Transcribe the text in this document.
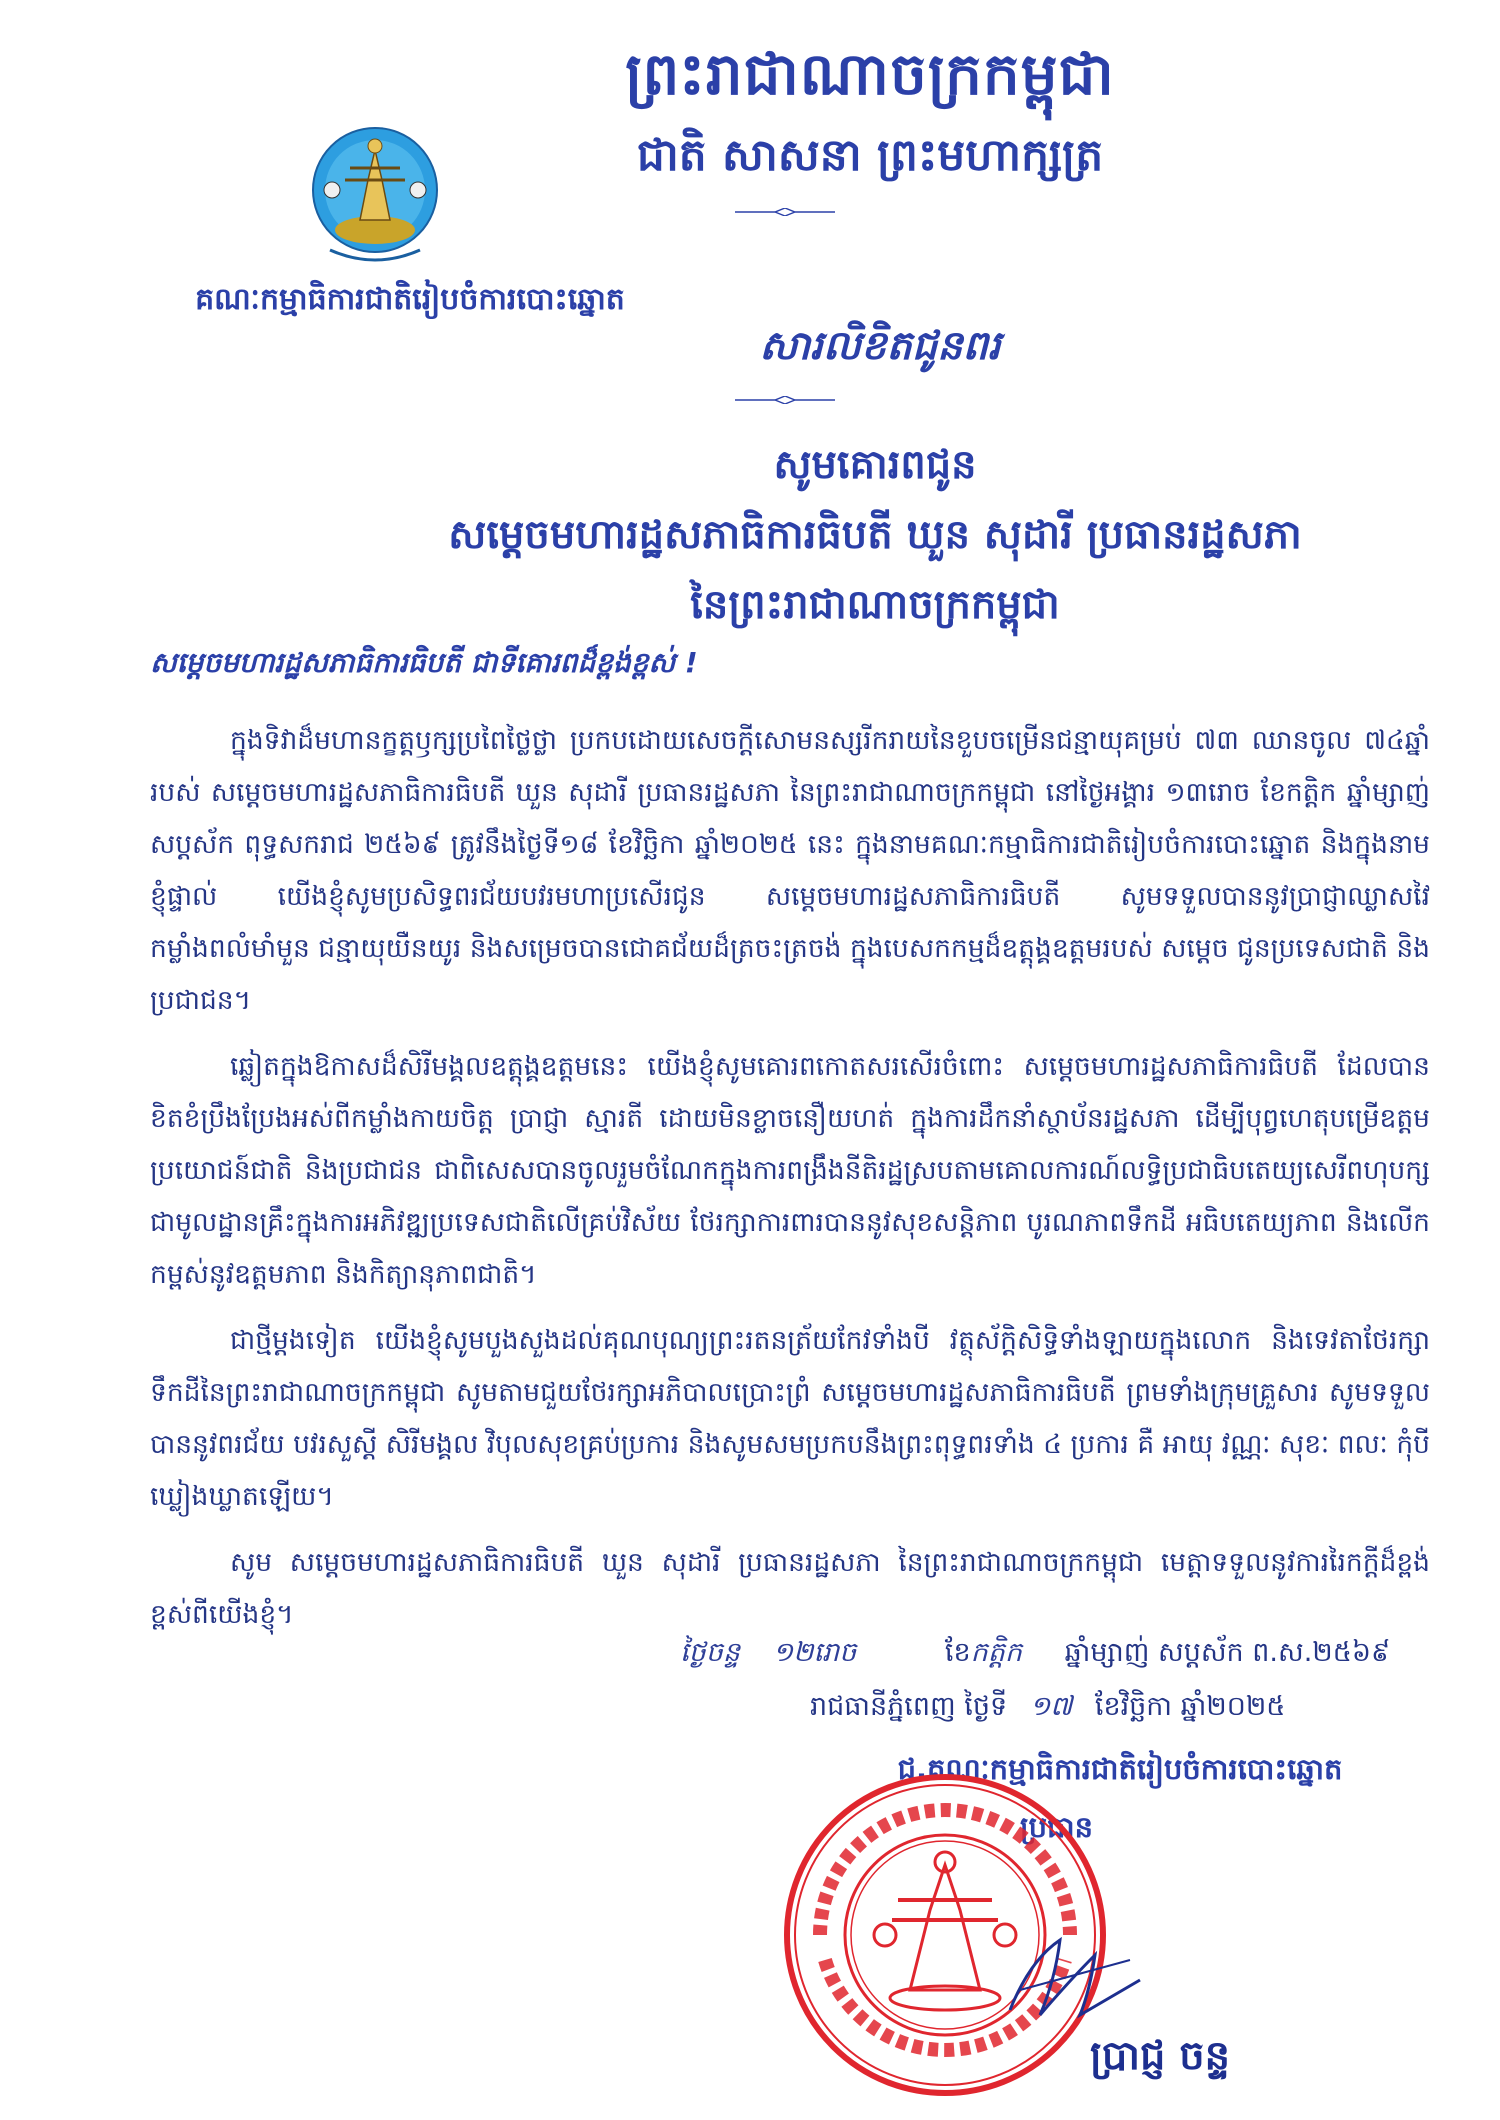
ព្រះរាជាណាចក្រកម្ពុជា
ជាតិ សាសនា ព្រះមហាក្សត្រ
គណៈកម្មាធិការជាតិរៀបចំការបោះឆ្នោត
សារលិខិតជូនពរ
សូមគោរពជូន
សម្តេចមហារដ្ឋសភាធិការធិបតី ឃួន សុដារី ប្រធានរដ្ឋសភា
នៃព្រះរាជាណាចក្រកម្ពុជា
សម្តេចមហារដ្ឋសភាធិការធិបតី ជាទីគោរពដ៏ខ្ពង់ខ្ពស់ !

ក្នុងទិវាដ៏មហានក្ខត្តឫក្សប្រពៃថ្លៃថ្លា ប្រកបដោយសេចក្តីសោមនស្សរីករាយនៃខួបចម្រើនជន្មាយុគម្រប់ ៧៣ ឈានចូល ៧៤ឆ្នាំ របស់ សម្តេចមហារដ្ឋសភាធិការធិបតី ឃួន សុដារី ប្រធានរដ្ឋសភា នៃព្រះរាជាណាចក្រកម្ពុជា នៅថ្ងៃអង្គារ ១៣រោច ខែកត្តិក ឆ្នាំម្សាញ់ សប្តស័ក ពុទ្ធសករាជ ២៥៦៩ ត្រូវនឹងថ្ងៃទី១៨ ខែវិច្ឆិកា ឆ្នាំ២០២៥ នេះ ក្នុងនាមគណៈកម្មាធិការជាតិរៀបចំការបោះឆ្នោត និងក្នុងនាមខ្ញុំផ្ទាល់ យើងខ្ញុំសូមប្រសិទ្ធពរជ័យបវរមហាប្រសើរជូន សម្តេចមហារដ្ឋសភាធិការធិបតី សូមទទួលបាននូវប្រាជ្ញាឈ្លាសវៃ កម្លាំងពលំមាំមួន ជន្មាយុយឺនយូរ និងសម្រេចបានជោគជ័យដ៏ត្រចះត្រចង់ ក្នុងបេសកកម្មដ៏ឧត្តុង្គឧត្តមរបស់ សម្តេច ជូនប្រទេសជាតិ និងប្រជាជន។

ឆ្លៀតក្នុងឱកាសដ៏សិរីមង្គលឧត្តុង្គឧត្តមនេះ យើងខ្ញុំសូមគោរពកោតសរសើរចំពោះ សម្តេចមហារដ្ឋសភាធិការធិបតី ដែលបានខិតខំប្រឹងប្រែងអស់ពីកម្លាំងកាយចិត្ត ប្រាជ្ញា ស្មារតី ដោយមិនខ្លាចនឿយហត់ ក្នុងការដឹកនាំស្ថាប័នរដ្ឋសភា ដើម្បីបុព្វហេតុបម្រើឧត្តមប្រយោជន៍ជាតិ និងប្រជាជន ជាពិសេសបានចូលរួមចំណែកក្នុងការពង្រឹងនីតិរដ្ឋស្របតាមគោលការណ៍លទ្ធិប្រជាធិបតេយ្យសេរីពហុបក្ស ជាមូលដ្ឋានគ្រឹះក្នុងការអភិវឌ្ឍប្រទេសជាតិលើគ្រប់វិស័យ ថែរក្សាការពារបាននូវសុខសន្តិភាព បូរណភាពទឹកដី អធិបតេយ្យភាព និងលើកកម្ពស់នូវឧត្តមភាព និងកិត្យានុភាពជាតិ។

ជាថ្មីម្តងទៀត យើងខ្ញុំសូមបួងសួងដល់គុណបុណ្យព្រះរតនត្រ័យកែវទាំងបី វត្ថុស័ក្តិសិទ្ធិទាំងឡាយក្នុងលោក និងទេវតាថែរក្សាទឹកដីនៃព្រះរាជាណាចក្រកម្ពុជា សូមតាមជួយថែរក្សាអភិបាលប្រោះព្រំ សម្តេចមហារដ្ឋសភាធិការធិបតី ព្រមទាំងក្រុមគ្រួសារ សូមទទួលបាននូវពរជ័យ បវរសួស្តី សិរីមង្គល វិបុលសុខគ្រប់ប្រការ និងសូមសមប្រកបនឹងព្រះពុទ្ធពរទាំង ៤ ប្រការ គឺ អាយុ វណ្ណៈ សុខៈ ពលៈ កុំបីឃ្លៀងឃ្លាតឡើយ។

សូម សម្តេចមហារដ្ឋសភាធិការធិបតី ឃួន សុដារី ប្រធានរដ្ឋសភា នៃព្រះរាជាណាចក្រកម្ពុជា មេត្តាទទួលនូវការរៃកក្តីដ៏ខ្ពង់ខ្ពស់ពីយើងខ្ញុំ។

ថ្ងៃចន្ទ ១២រោច	ខែកត្តិក ឆ្នាំម្សាញ់ សប្តស័ក ព.ស.២៥៦៩
រាជធានីភ្នំពេញ ថ្ងៃទី ១៧ ខែវិច្ឆិកា ឆ្នាំ២០២៥
ជ.គណៈកម្មាធិការជាតិរៀបចំការបោះឆ្នោត
ប្រធាន
ប្រាជ្ញ ចន្ទ
